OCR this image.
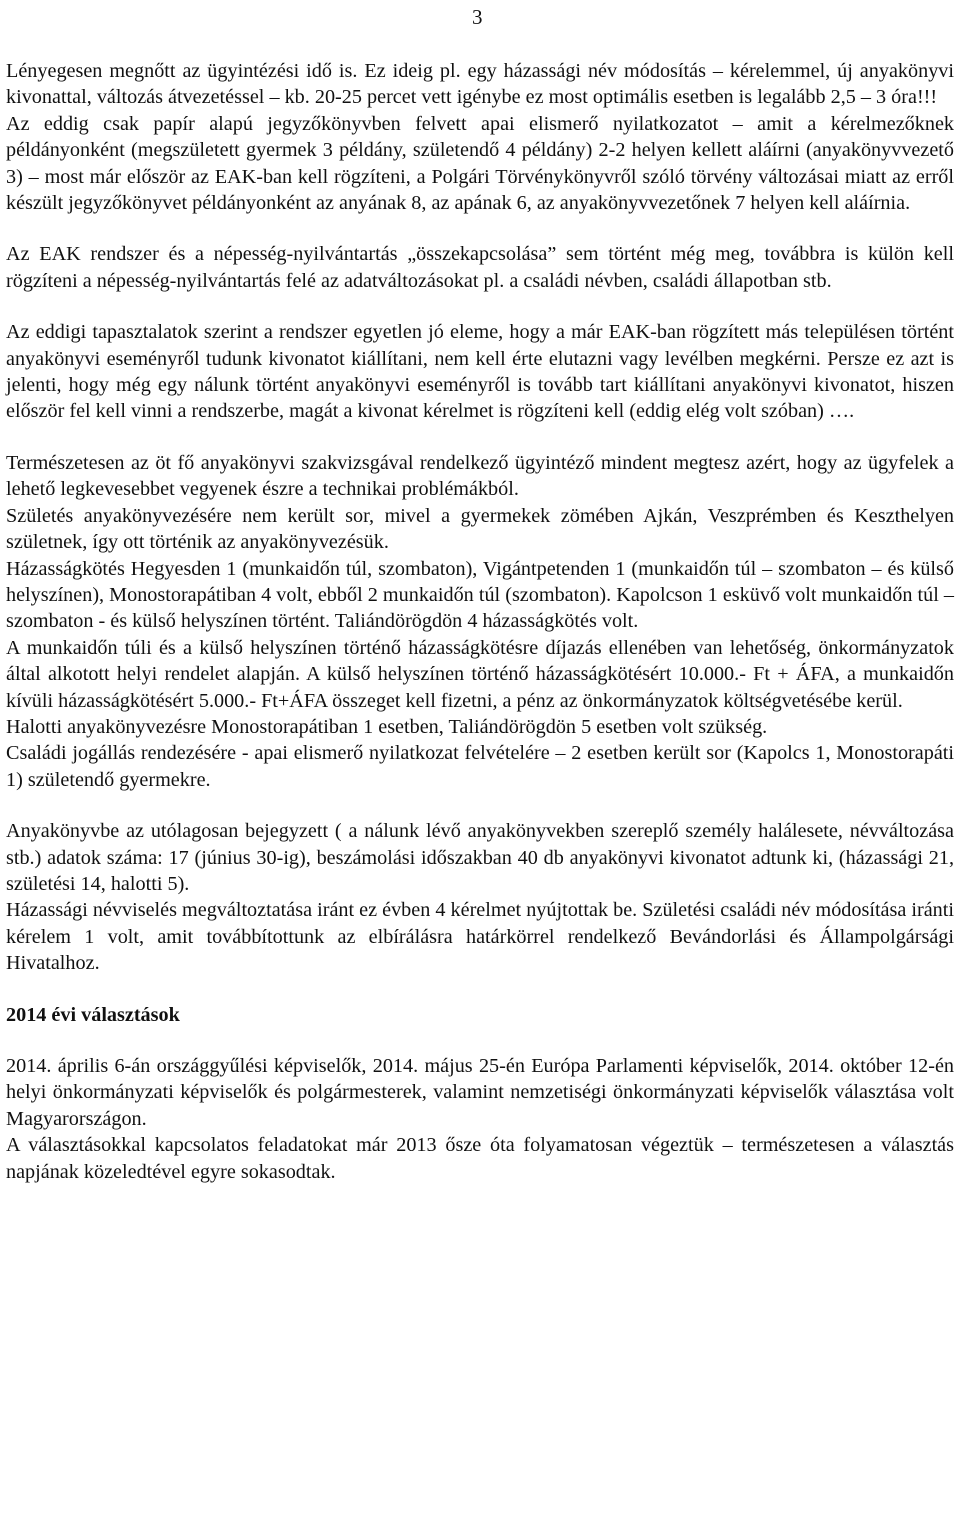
3

Lényegesen megnőtt az ügyintézési idő is. Ez ideig pl. egy házassági név módosítás – kérelemmel, új anyakönyvi kivonattal, változás átvezetéssel – kb. 20-25 percet vett igénybe ez most optimális esetben is legalább 2,5 – 3 óra!!!

Az eddig csak papír alapú jegyzőkönyvben felvett apai elismerő nyilatkozatot – amit a kérelmezőknek példányonként (megszületett gyermek 3 példány, születendő 4 példány) 2-2 helyen kellett aláírni (anyakönyvvezető 3) – most már először az EAK-ban kell rögzíteni, a Polgári Törvénykönyvről szóló törvény változásai miatt az erről készült jegyzőkönyvet példányonként az anyának 8, az apának 6, az anyakönyvvezetőnek 7 helyen kell aláírnia.

Az EAK rendszer és a népesség-nyilvántartás „összekapcsolása” sem történt még meg, továbbra is külön kell rögzíteni a népesség-nyilvántartás felé az adatváltozásokat pl. a családi névben, családi állapotban stb.

Az eddigi tapasztalatok szerint a rendszer egyetlen jó eleme, hogy a már EAK-ban rögzített más településen történt anyakönyvi eseményről tudunk kivonatot kiállítani, nem kell érte elutazni vagy levélben megkérni. Persze ez azt is jelenti, hogy még egy nálunk történt anyakönyvi eseményről is tovább tart kiállítani anyakönyvi kivonatot, hiszen először fel kell vinni a rendszerbe, magát a kivonat kérelmet is rögzíteni kell (eddig elég volt szóban) ….

Természetesen az öt fő anyakönyvi szakvizsgával rendelkező ügyintéző mindent megtesz azért, hogy az ügyfelek a lehető legkevesebbet vegyenek észre a technikai problémákból.

Születés anyakönyvezésére nem került sor, mivel a gyermekek zömében Ajkán, Veszprémben és Keszthelyen születnek, így ott történik az anyakönyvezésük.

Házasságkötés Hegyesden 1 (munkaidőn túl, szombaton), Vigántpetenden 1 (munkaidőn túl – szombaton – és külső helyszínen), Monostorapátiban 4 volt, ebből 2 munkaidőn túl (szombaton). Kapolcson 1 esküvő volt munkaidőn túl – szombaton - és külső helyszínen történt. Taliándörögdön 4 házasságkötés volt.

A munkaidőn túli és a külső helyszínen történő házasságkötésre díjazás ellenében van lehetőség, önkormányzatok által alkotott helyi rendelet alapján. A külső helyszínen történő házasságkötésért 10.000.- Ft + ÁFA, a munkaidőn kívüli házasságkötésért 5.000.- Ft+ÁFA összeget kell fizetni, a pénz az önkormányzatok költségvetésébe kerül.

Halotti anyakönyvezésre Monostorapátiban 1 esetben, Taliándörögdön 5 esetben volt szükség.

Családi jogállás rendezésére - apai elismerő nyilatkozat felvételére – 2 esetben került sor (Kapolcs 1, Monostorapáti 1) születendő gyermekre.

Anyakönyvbe az utólagosan bejegyzett ( a nálunk lévő anyakönyvekben szereplő személy halálesete, névváltozása stb.) adatok száma: 17 (június 30-ig), beszámolási időszakban 40 db anyakönyvi kivonatot adtunk ki, (házassági 21, születési 14, halotti 5).

Házassági névviselés megváltoztatása iránt ez évben 4 kérelmet nyújtottak be. Születési családi név módosítása iránti kérelem 1 volt, amit továbbítottunk az elbírálásra határkörrel rendelkező Bevándorlási és Állampolgársági Hivatalhoz.

2014 évi választások

2014. április 6-án országgyűlési képviselők, 2014. május 25-én Európa Parlamenti képviselők, 2014. október 12-én helyi önkormányzati képviselők és polgármesterek, valamint nemzetiségi önkormányzati képviselők választása volt Magyarországon.

A választásokkal kapcsolatos feladatokat már 2013 ősze óta folyamatosan végeztük – természetesen a választás napjának közeledtével egyre sokasodtak.
